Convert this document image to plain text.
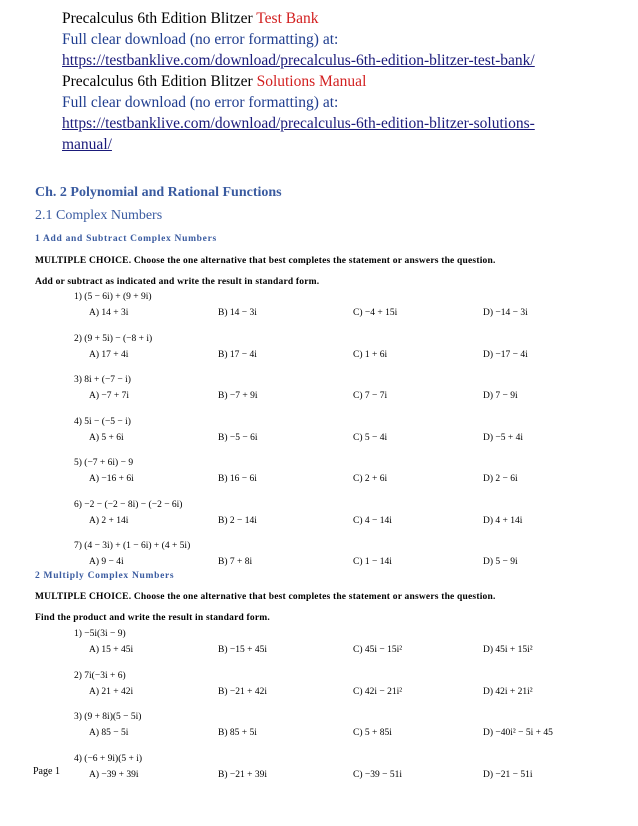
Precalculus 6th Edition Blitzer Test Bank
Full clear download (no error formatting) at:
https://testbanklive.com/download/precalculus-6th-edition-blitzer-test-bank/
Precalculus 6th Edition Blitzer Solutions Manual
Full clear download (no error formatting) at:
https://testbanklive.com/download/precalculus-6th-edition-blitzer-solutions-
manual/
Ch. 2 Polynomial and Rational Functions
2.1 Complex Numbers
1 Add and Subtract Complex Numbers
MULTIPLE CHOICE. Choose the one alternative that best completes the statement or answers the question.
Add or subtract as indicated and write the result in standard form.
1) (5 − 6i) + (9 + 9i)
A) 14 + 3i	B) 14 − 3i	C) −4 + 15i	D) −14 − 3i
2) (9 + 5i) − (−8 + i)
A) 17 + 4i	B) 17 − 4i	C) 1 + 6i	D) −17 − 4i
3) 8i + (−7 − i)
A) −7 + 7i	B) −7 + 9i	C) 7 − 7i	D) 7 − 9i
4) 5i − (−5 − i)
A) 5 + 6i	B) −5 − 6i	C) 5 − 4i	D) −5 + 4i
5) (−7 + 6i) − 9
A) −16 + 6i	B) 16 − 6i	C) 2 + 6i	D) 2 − 6i
6) −2 − (−2 − 8i) − (−2 − 6i)
A) 2 + 14i	B) 2 − 14i	C) 4 − 14i	D) 4 + 14i
7) (4 − 3i) + (1 − 6i) + (4 + 5i)
A) 9 − 4i	B) 7 + 8i	C) 1 − 14i	D) 5 − 9i
2 Multiply Complex Numbers
MULTIPLE CHOICE. Choose the one alternative that best completes the statement or answers the question.
Find the product and write the result in standard form.
1) −5i(3i − 9)
A) 15 + 45i	B) −15 + 45i	C) 45i − 15i²	D) 45i + 15i²
2) 7i(−3i + 6)
A) 21 + 42i	B) −21 + 42i	C) 42i − 21i²	D) 42i + 21i²
3) (9 + 8i)(5 − 5i)
A) 85 − 5i	B) 85 + 5i	C) 5 + 85i	D) −40i² − 5i + 45
4) (−6 + 9i)(5 + i)
A) −39 + 39i	B) −21 + 39i	C) −39 − 51i	D) −21 − 51i
Page 1
